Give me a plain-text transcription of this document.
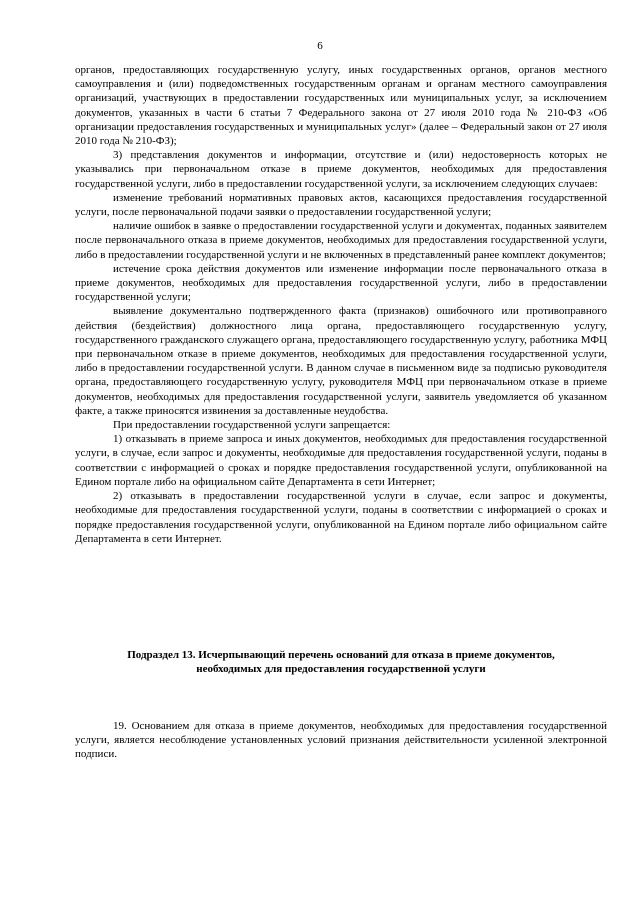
6

органов, предоставляющих государственную услугу, иных государственных органов, органов местного самоуправления и (или) подведомственных государственным органам и органам местного самоуправления организаций, участвующих в предоставлении государственных или муниципальных услуг, за исключением документов, указанных в части 6 статьи 7 Федерального закона от 27 июля 2010 года № 210-ФЗ «Об организации предоставления государственных и муниципальных услуг» (далее – Федеральный закон от 27 июля 2010 года № 210-ФЗ);

3) представления документов и информации, отсутствие и (или) недостоверность которых не указывались при первоначальном отказе в приеме документов, необходимых для предоставления государственной услуги, либо в предоставлении государственной услуги, за исключением следующих случаев:

изменение требований нормативных правовых актов, касающихся предоставления государственной услуги, после первоначальной подачи заявки о предоставлении государственной услуги;

наличие ошибок в заявке о предоставлении государственной услуги и документах, поданных заявителем после первоначального отказа в приеме документов, необходимых для предоставления государственной услуги, либо в предоставлении государственной услуги и не включенных в представленный ранее комплект документов;

истечение срока действия документов или изменение информации после первоначального отказа в приеме документов, необходимых для предоставления государственной услуги, либо в предоставлении государственной услуги;

выявление документально подтвержденного факта (признаков) ошибочного или противоправного действия (бездействия) должностного лица органа, предоставляющего государственную услугу, государственного гражданского служащего органа, предоставляющего государственную услугу, работника МФЦ при первоначальном отказе в приеме документов, необходимых для предоставления государственной услуги, либо в предоставлении государственной услуги. В данном случае в письменном виде за подписью руководителя органа, предоставляющего государственную услугу, руководителя МФЦ при первоначальном отказе в приеме документов, необходимых для предоставления государственной услуги, заявитель уведомляется об указанном факте, а также приносятся извинения за доставленные неудобства.

При предоставлении государственной услуги запрещается:

1) отказывать в приеме запроса и иных документов, необходимых для предоставления государственной услуги, в случае, если запрос и документы, необходимые для предоставления государственной услуги, поданы в соответствии с информацией о сроках и порядке предоставления государственной услуги, опубликованной на Едином портале либо на официальном сайте Департамента в сети Интернет;

2) отказывать в предоставлении государственной услуги в случае, если запрос и документы, необходимые для предоставления государственной услуги, поданы в соответствии с информацией о сроках и порядке предоставления государственной услуги, опубликованной на Едином портале либо официальном сайте Департамента в сети Интернет.

Подраздел 13. Исчерпывающий перечень оснований для отказа в приеме документов,
необходимых для предоставления государственной услуги

19. Основанием для отказа в приеме документов, необходимых для предоставления государственной услуги, является несоблюдение установленных условий признания действительности усиленной электронной подписи.
